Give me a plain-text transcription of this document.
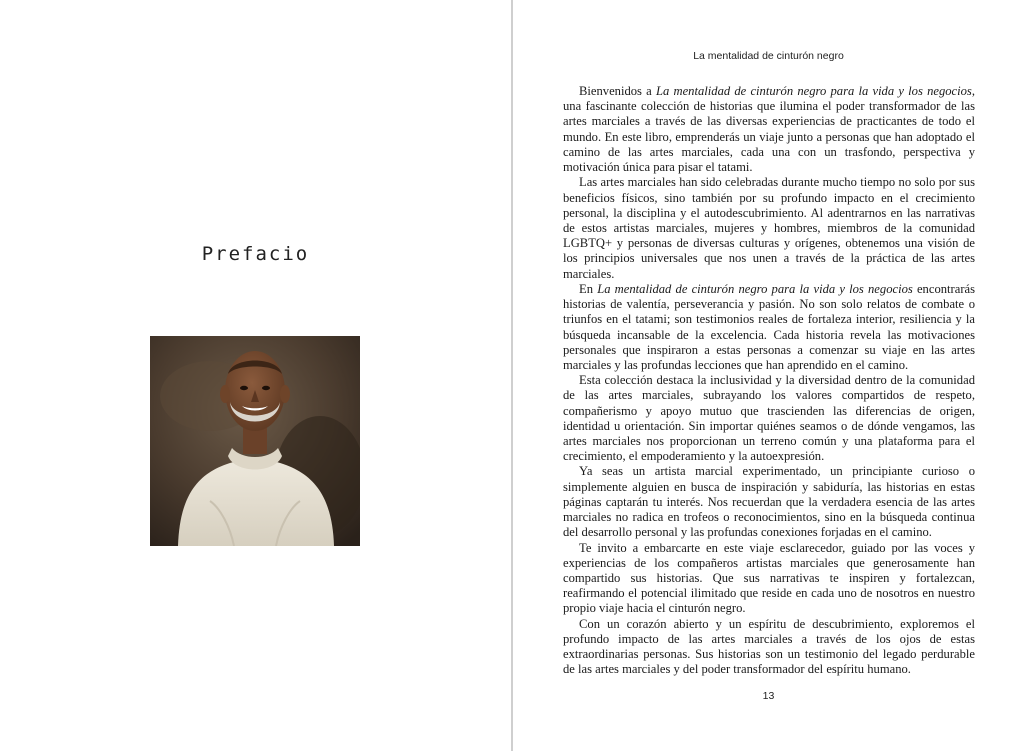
Prefacio
La mentalidad de cinturón negro

Bienvenidos a La mentalidad de cinturón negro para la vida y los negocios, una fascinante colección de historias que ilumina el poder transformador de las artes marciales a través de las diversas experiencias de practicantes de todo el mundo. En este libro, emprenderás un viaje junto a personas que han adoptado el camino de las artes marciales, cada una con un trasfondo, perspectiva y motivación única para pisar el tatami.

Las artes marciales han sido celebradas durante mucho tiempo no solo por sus beneficios físicos, sino también por su profundo impacto en el crecimiento personal, la disciplina y el autodescubrimiento. Al adentrarnos en las narrativas de estos artistas marciales, mujeres y hombres, miembros de la comunidad LGBTQ+ y personas de diversas culturas y orígenes, obtenemos una visión de los principios universales que nos unen a través de la práctica de las artes marciales.

En La mentalidad de cinturón negro para la vida y los negocios encontrarás historias de valentía, perseverancia y pasión. No son solo relatos de combate o triunfos en el tatami; son testimonios reales de fortaleza interior, resiliencia y la búsqueda incansable de la excelencia. Cada historia revela las motivaciones personales que inspiraron a estas personas a comenzar su viaje en las artes marciales y las profundas lecciones que han aprendido en el camino.

Esta colección destaca la inclusividad y la diversidad dentro de la comunidad de las artes marciales, subrayando los valores compartidos de respeto, compañerismo y apoyo mutuo que trascienden las diferencias de origen, identidad u orientación. Sin importar quiénes seamos o de dónde vengamos, las artes marciales nos proporcionan un terreno común y una plataforma para el crecimiento, el empoderamiento y la autoexpresión.

Ya seas un artista marcial experimentado, un principiante curioso o simplemente alguien en busca de inspiración y sabiduría, las historias en estas páginas captarán tu interés. Nos recuerdan que la verdadera esencia de las artes marciales no radica en trofeos o reconocimientos, sino en la búsqueda continua del desarrollo personal y las profundas conexiones forjadas en el camino.

Te invito a embarcarte en este viaje esclarecedor, guiado por las voces y experiencias de los compañeros artistas marciales que generosamente han compartido sus historias. Que sus narrativas te inspiren y fortalezcan, reafirmando el potencial ilimitado que reside en cada uno de nosotros en nuestro propio viaje hacia el cinturón negro.

Con un corazón abierto y un espíritu de descubrimiento, exploremos el profundo impacto de las artes marciales a través de los ojos de estas extraordinarias personas. Sus historias son un testimonio del legado perdurable de las artes marciales y del poder transformador del espíritu humano.

13
